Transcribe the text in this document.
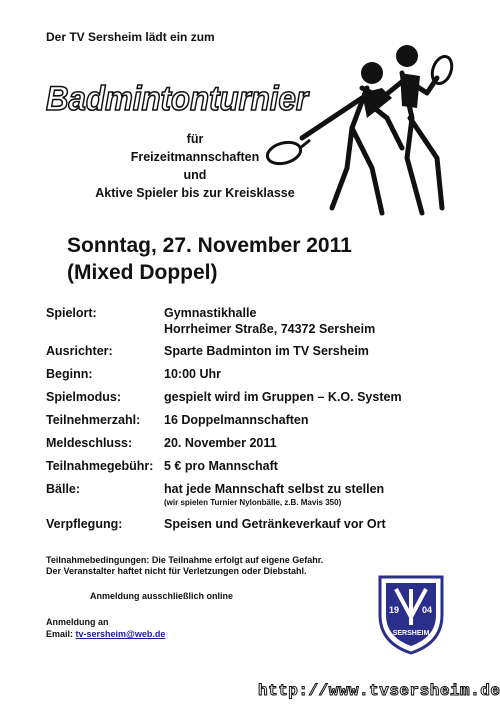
Der TV Sersheim lädt ein zum
Badmintonturnier
für
Freizeitmannschaften
und
Aktive Spieler bis zur Kreisklasse
Sonntag, 27. November 2011
(Mixed Doppel)
Spielort:	Gymnastikhalle
Horrheimer Straße, 74372 Sersheim
Ausrichter:	Sparte Badminton im TV Sersheim
Beginn:	10:00 Uhr
Spielmodus:	gespielt wird im Gruppen – K.O. System
Teilnehmerzahl:	16 Doppelmannschaften
Meldeschluss:	20. November 2011
Teilnahmegebühr: 5 € pro Mannschaft
Bälle:	hat jede Mannschaft selbst zu stellen
(wir spielen Turnier Nylonbälle, z.B. Mavis 350)
Verpflegung:	Speisen und Getränkeverkauf vor Ort
Teilnahmebedingungen: Die Teilnahme erfolgt auf eigene Gefahr.
Der Veranstalter haftet nicht für Verletzungen oder Diebstahl.
Anmeldung ausschließlich online
Anmeldung an
Email: tv-sersheim@web.de
19	04
SERSHEIM
http://www.tvsersheim.de
